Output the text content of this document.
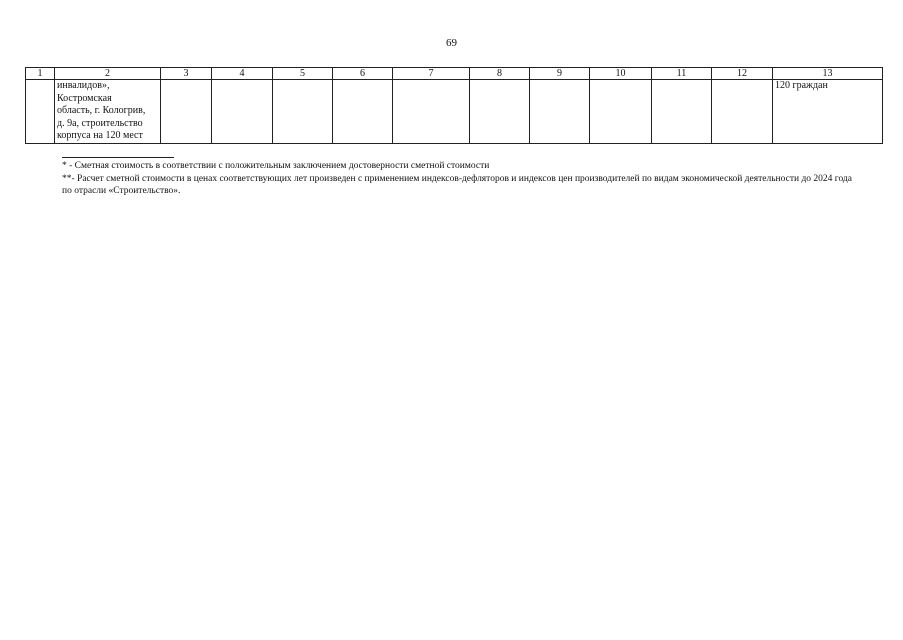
69
1	2	3	4	5	6	7	8	9	10	11	12	13

	инвалидов»,
Костромская
область, г. Кологрив,
д. 9а, строительство
корпуса на 120 мест											120 граждан

* - Сметная стоимость в соответствии с положительным заключением достоверности сметной стоимости

**- Расчет сметной стоимости в ценах соответствующих лет произведен с применением индексов-дефляторов и индексов цен производителей по видам экономической деятельности до 2024 года по отрасли «Строительство».
